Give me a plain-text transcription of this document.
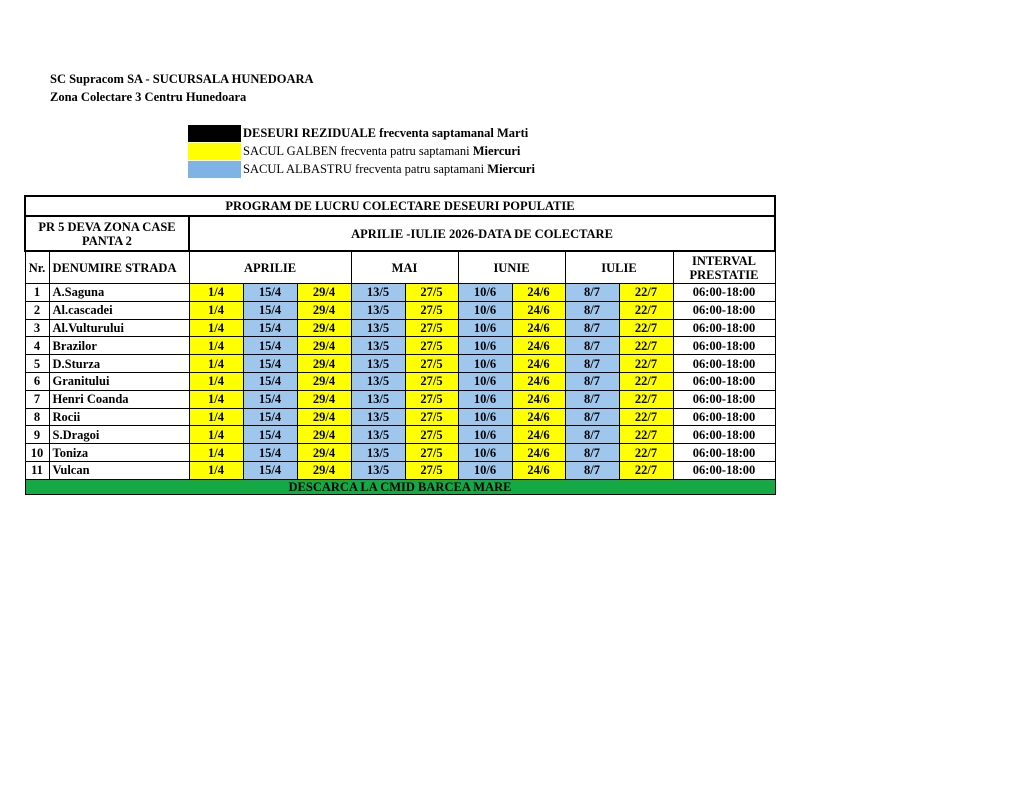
SC Supracom SA - SUCURSALA HUNEDOARA
Zona Colectare 3 Centru Hunedoara
DESEURI REZIDUALE frecventa saptamanal Marti
SACUL GALBEN frecventa patru saptamani Miercuri
SACUL ALBASTRU frecventa patru saptamani Miercuri
PROGRAM DE LUCRU COLECTARE DESEURI POPULATIE											
PR 5 DEVA ZONA CASE PANTA 2		APRILIE -IULIE 2026-DATA DE COLECTARE									
Nr.	DENUMIRE STRADA	APRILIE			MAI		IUNIE		IULIE		INTERVAL PRESTATIE
1	A.Saguna	1/4	15/4	29/4	13/5	27/5	10/6	24/6	8/7	22/7	06:00-18:00
2	Al.cascadei	1/4	15/4	29/4	13/5	27/5	10/6	24/6	8/7	22/7	06:00-18:00
3	Al.Vulturului	1/4	15/4	29/4	13/5	27/5	10/6	24/6	8/7	22/7	06:00-18:00
4	Brazilor	1/4	15/4	29/4	13/5	27/5	10/6	24/6	8/7	22/7	06:00-18:00
5	D.Sturza	1/4	15/4	29/4	13/5	27/5	10/6	24/6	8/7	22/7	06:00-18:00
6	Granitului	1/4	15/4	29/4	13/5	27/5	10/6	24/6	8/7	22/7	06:00-18:00
7	Henri Coanda	1/4	15/4	29/4	13/5	27/5	10/6	24/6	8/7	22/7	06:00-18:00
8	Rocii	1/4	15/4	29/4	13/5	27/5	10/6	24/6	8/7	22/7	06:00-18:00
9	S.Dragoi	1/4	15/4	29/4	13/5	27/5	10/6	24/6	8/7	22/7	06:00-18:00
10	Toniza	1/4	15/4	29/4	13/5	27/5	10/6	24/6	8/7	22/7	06:00-18:00
11	Vulcan	1/4	15/4	29/4	13/5	27/5	10/6	24/6	8/7	22/7	06:00-18:00
DESCARCA LA CMID BARCEA MARE											
